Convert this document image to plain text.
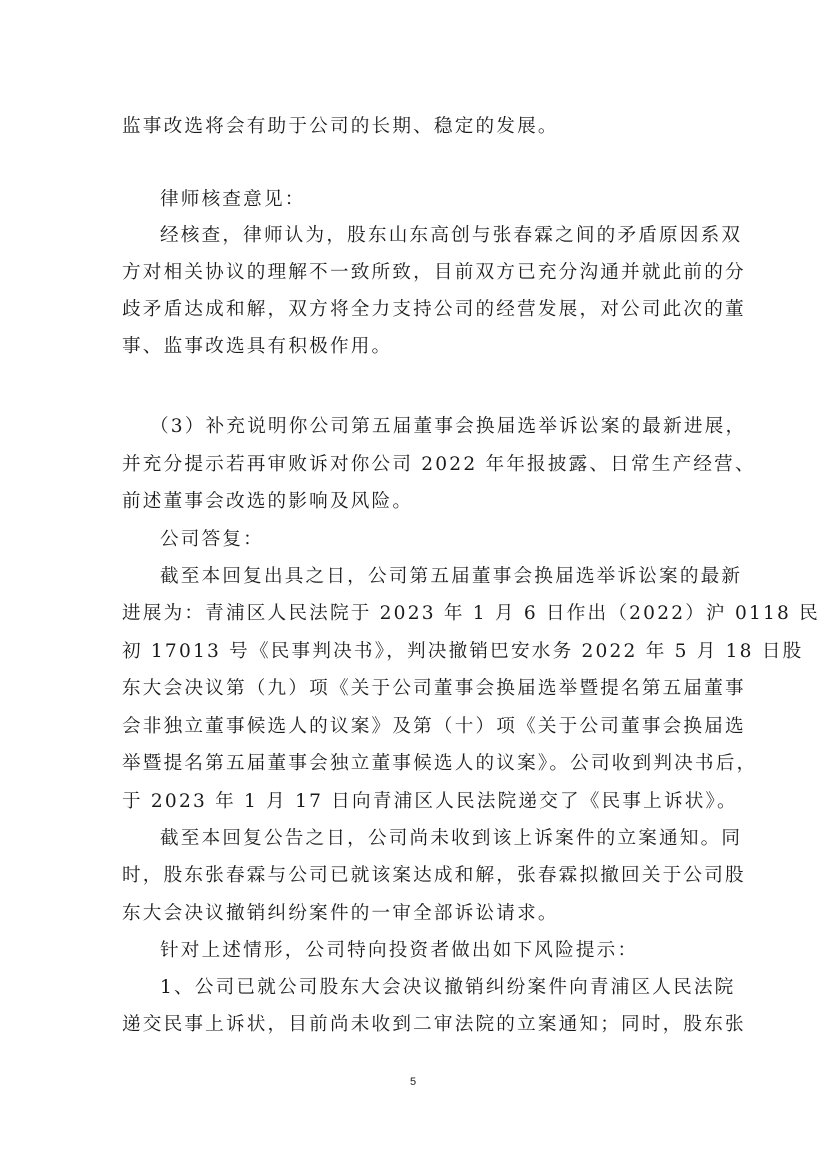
监事改选将会有助于公司的长期、稳定的发展。
律师核查意见：
经核查，律师认为，股东山东高创与张春霖之间的矛盾原因系双
方对相关协议的理解不一致所致，目前双方已充分沟通并就此前的分
歧矛盾达成和解，双方将全力支持公司的经营发展，对公司此次的董
事、监事改选具有积极作用。
（3）补充说明你公司第五届董事会换届选举诉讼案的最新进展，
并充分提示若再审败诉对你公司 2022 年年报披露、日常生产经营、
前述董事会改选的影响及风险。
公司答复：
截至本回复出具之日，公司第五届董事会换届选举诉讼案的最新
进展为：青浦区人民法院于 2023 年 1 月 6 日作出（2022）沪 0118 民
初 17013 号《民事判决书》，判决撤销巴安水务 2022 年 5 月 18 日股
东大会决议第（九）项《关于公司董事会换届选举暨提名第五届董事
会非独立董事候选人的议案》及第（十）项《关于公司董事会换届选
举暨提名第五届董事会独立董事候选人的议案》。公司收到判决书后，
于 2023 年 1 月 17 日向青浦区人民法院递交了《民事上诉状》。
截至本回复公告之日，公司尚未收到该上诉案件的立案通知。同
时，股东张春霖与公司已就该案达成和解，张春霖拟撤回关于公司股
东大会决议撤销纠纷案件的一审全部诉讼请求。
针对上述情形，公司特向投资者做出如下风险提示：
1、公司已就公司股东大会决议撤销纠纷案件向青浦区人民法院
递交民事上诉状，目前尚未收到二审法院的立案通知；同时，股东张
5
